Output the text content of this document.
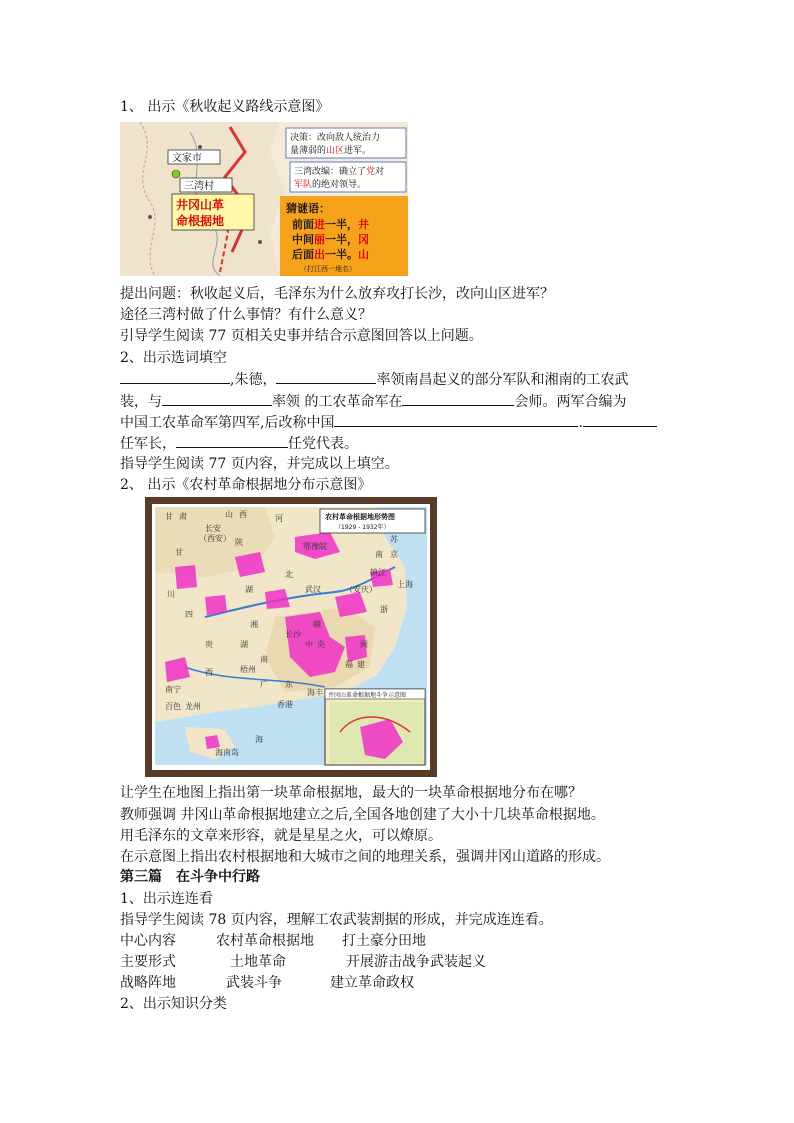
1、 出示《秋收起义路线示意图》
文家市
三湾村
井冈山革
命根据地
决策：改向敌人统治力
量薄弱的山区进军。
三湾改编：确立了党对
军队的绝对领导。
猜谜语：
前面进一半，井
中间丽一半，冈
后面出一半。山
（打江西一地名）
提出问题：秋收起义后，毛泽东为什么放弃攻打长沙，改向山区进军？
途径三湾村做了什么事情？有什么意义？
引导学生阅读 77 页相关史事并结合示意图回答以上问题。
2、出示选词填空
,朱德，	率领南昌起义的部分军队和湘南的工农武
装，与	率领 的工农革命军在	会师。两军合编为
中国工农革命军第四军,后改称中国	.
任军长，	任党代表。
指导学生阅读 77 页内容，并完成以上填空。
2、 出示《农村革命根据地分布示意图》
农村革命根据地形势图
（1929 - 1932年）
甘 肃	山 西	河
长安
（西安） 陕
甘
鄂豫皖
川
湖
北
南 京
镇江
苏
上海
四
武汉	（安庆）
贵
湘	赣
浙
长沙
闽
湖
南
中 央
福 建
广 东
西
南宁
梧州
海丰
香港
海南岛
百色 龙州
海
井冈山革命根据地斗争示意图
让学生在地图上指出第一块革命根据地，最大的一块革命根据地分布在哪？
教师强调 井冈山革命根据地建立之后,全国各地创建了大小十几块革命根据地。
用毛泽东的文章来形容，就是星星之火，可以燎原。
在示意图上指出农村根据地和大城市之间的地理关系，强调井冈山道路的形成。
第三篇　在斗争中行路
1、出示连连看
指导学生阅读 78 页内容，理解工农武装割据的形成，并完成连连看。
中心内容	农村革命根据地 打土豪分田地
主要形式	土地革命	开展游击战争武装起义
战略阵地	武装斗争	建立革命政权
2、出示知识分类
